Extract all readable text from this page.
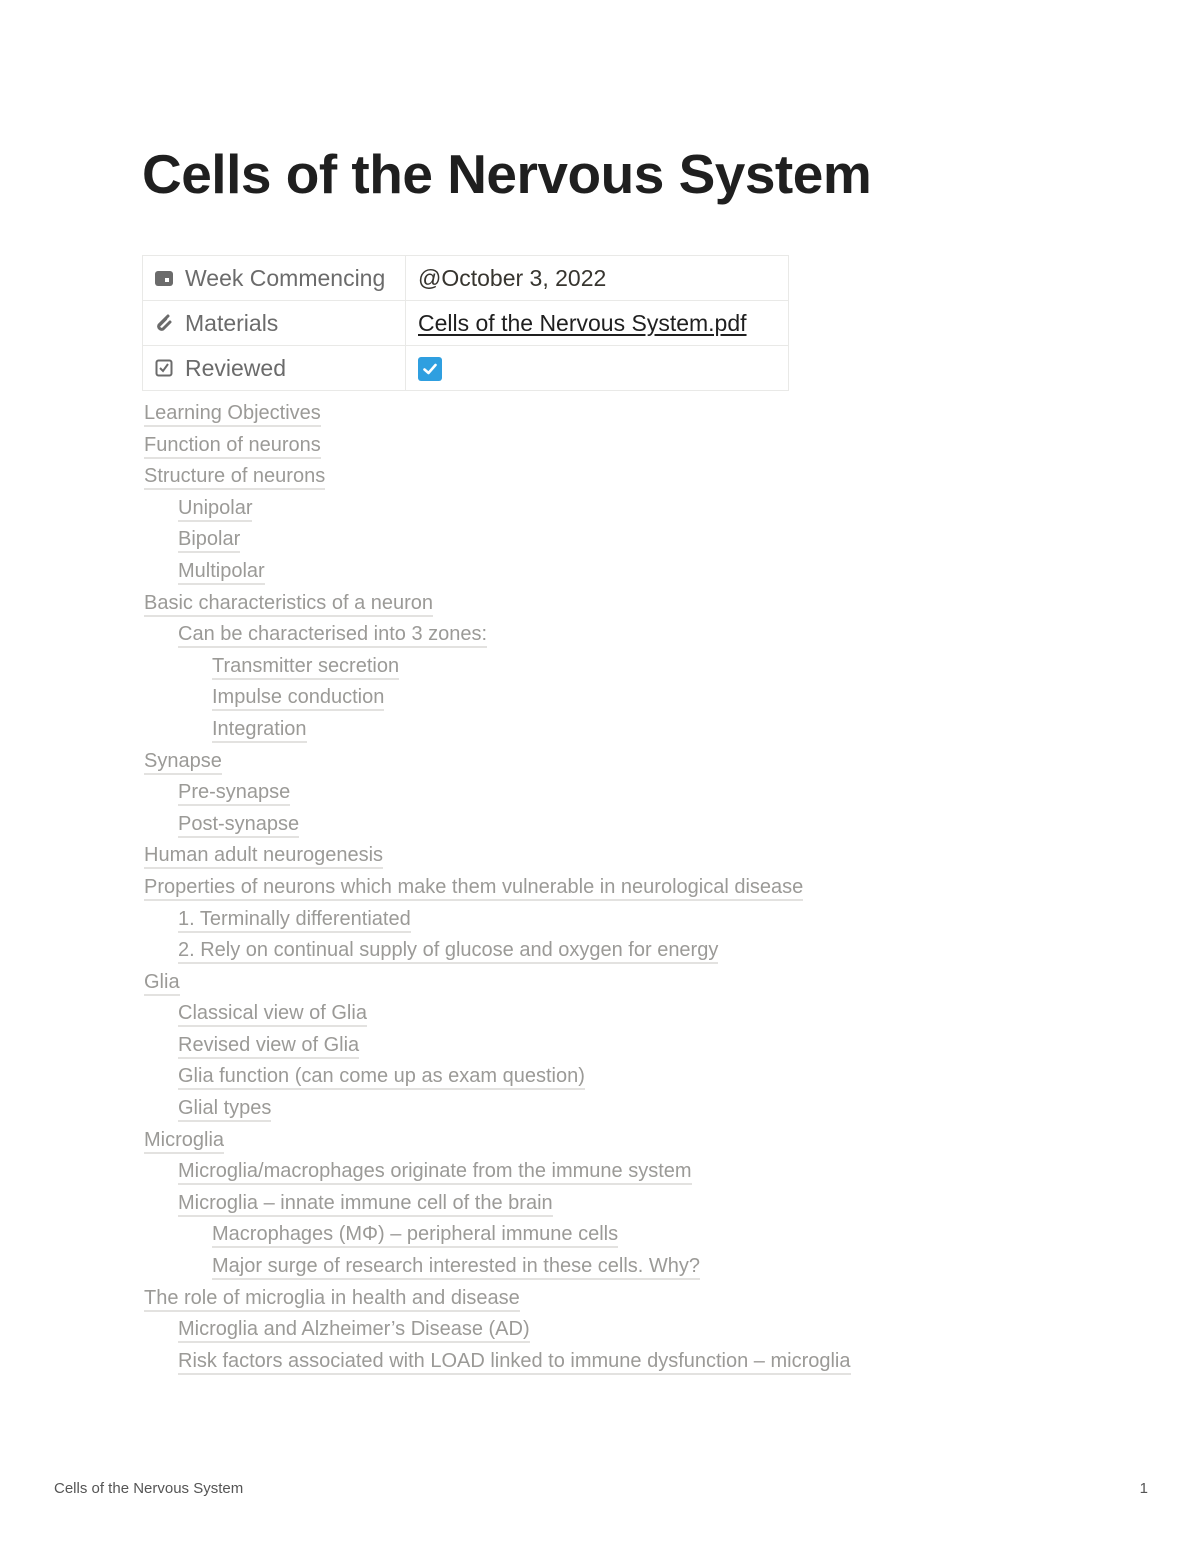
Cells of the Nervous System
Week Commencing	@October 3, 2022

Materials	Cells of the Nervous System.pdf

Reviewed

Learning Objectives
Function of neurons
Structure of neurons
Unipolar
Bipolar
Multipolar
Basic characteristics of a neuron
Can be characterised into 3 zones:
Transmitter secretion
Impulse conduction
Integration
Synapse
Pre-synapse
Post-synapse
Human adult neurogenesis
Properties of neurons which make them vulnerable in neurological disease
1. Terminally differentiated
2. Rely on continual supply of glucose and oxygen for energy
Glia
Classical view of Glia
Revised view of Glia
Glia function (can come up as exam question)
Glial types
Microglia
Microglia/macrophages originate from the immune system
Microglia – innate immune cell of the brain
Macrophages (MΦ) – peripheral immune cells
Major surge of research interested in these cells. Why?
The role of microglia in health and disease
Microglia and Alzheimer’s Disease (AD)
Risk factors associated with LOAD linked to immune dysfunction – microglia
Cells of the Nervous System	1
